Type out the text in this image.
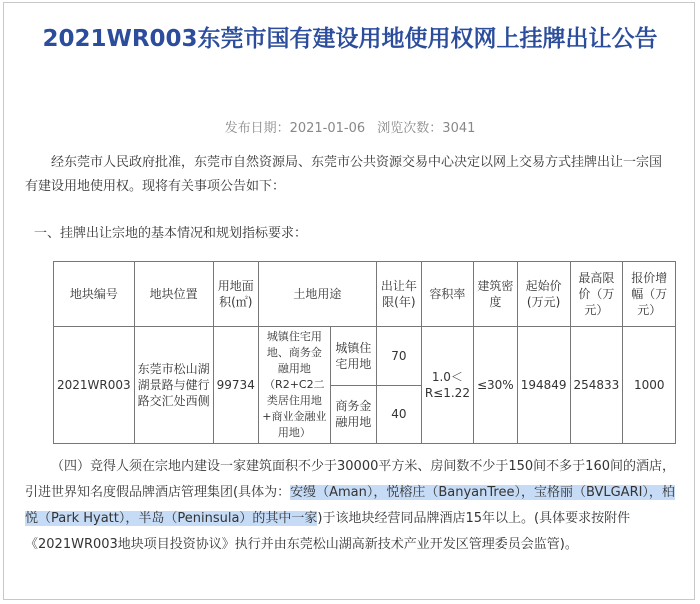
2021WR003东莞市国有建设用地使用权网上挂牌出让公告
发布日期：2021-01-06 浏览次数：3041
经东莞市人民政府批准，东莞市自然资源局、东莞市公共资源交易中心决定以网上交易方式挂牌出让一宗国有建设用地使用权。现将有关事项公告如下：
一、挂牌出让宗地的基本情况和规划指标要求：
地块编号	地块位置	用地面积(㎡)	土地用途		出让年限(年)	容积率	建筑密度	起始价(万元)	最高限价（万元）	报价增幅（万元）
2021WR003	东莞市松山湖湖景路与健行路交汇处西侧	99734	城镇住宅用地、商务金融用地（R2+C2二类居住用地+商业金融业用地）	城镇住宅用地	70	1.0＜R≤1.22	≤30%	194849	254833	1000
				商务金融用地	40					
（四）竞得人须在宗地内建设一家建筑面积不少于30000平方米、房间数不少于150间不多于160间的酒店，引进世界知名度假品牌酒店管理集团(具体为：安缦（Aman），悦榕庄（BanyanTree），宝格丽（BVLGARI），柏悦（Park Hyatt），半岛（Peninsula）的其中一家)于该地块经营同品牌酒店15年以上。(具体要求按附件《2021WR003地块项目投资协议》执行并由东莞松山湖高新技术产业开发区管理委员会监管)。
